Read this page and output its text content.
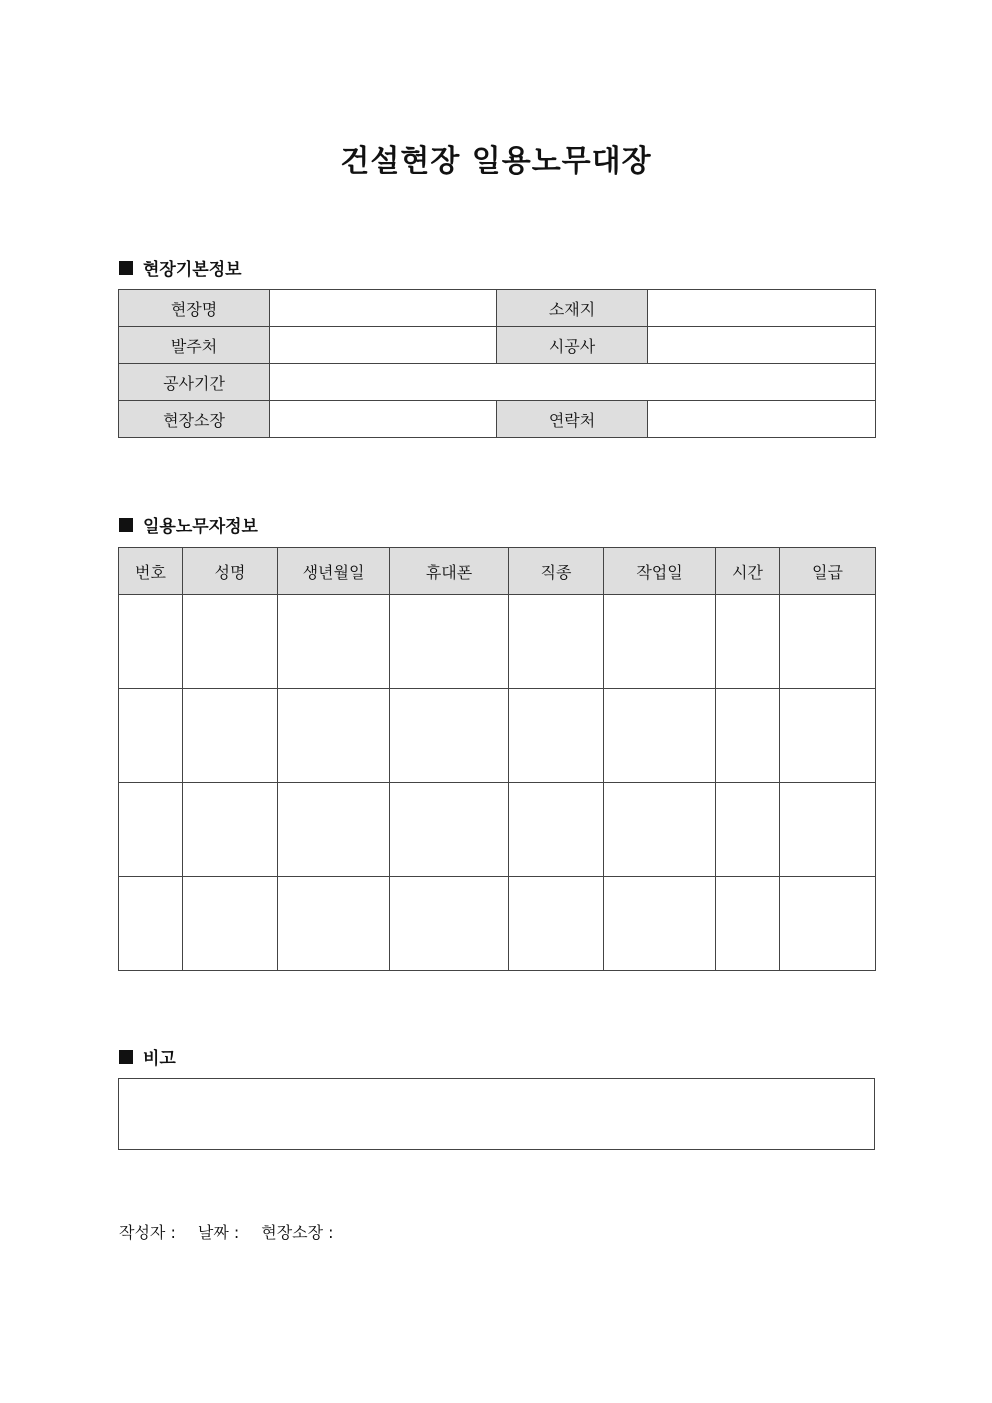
건설현장 일용노무대장
현장기본정보
현장명		소재지	
발주처		시공사	
공사기간			
현장소장		연락처	
일용노무자정보
번호	성명	생년월일	휴대폰	직종	작업일	시간	일급

비고
작성자 : 날짜 : 현장소장 :
